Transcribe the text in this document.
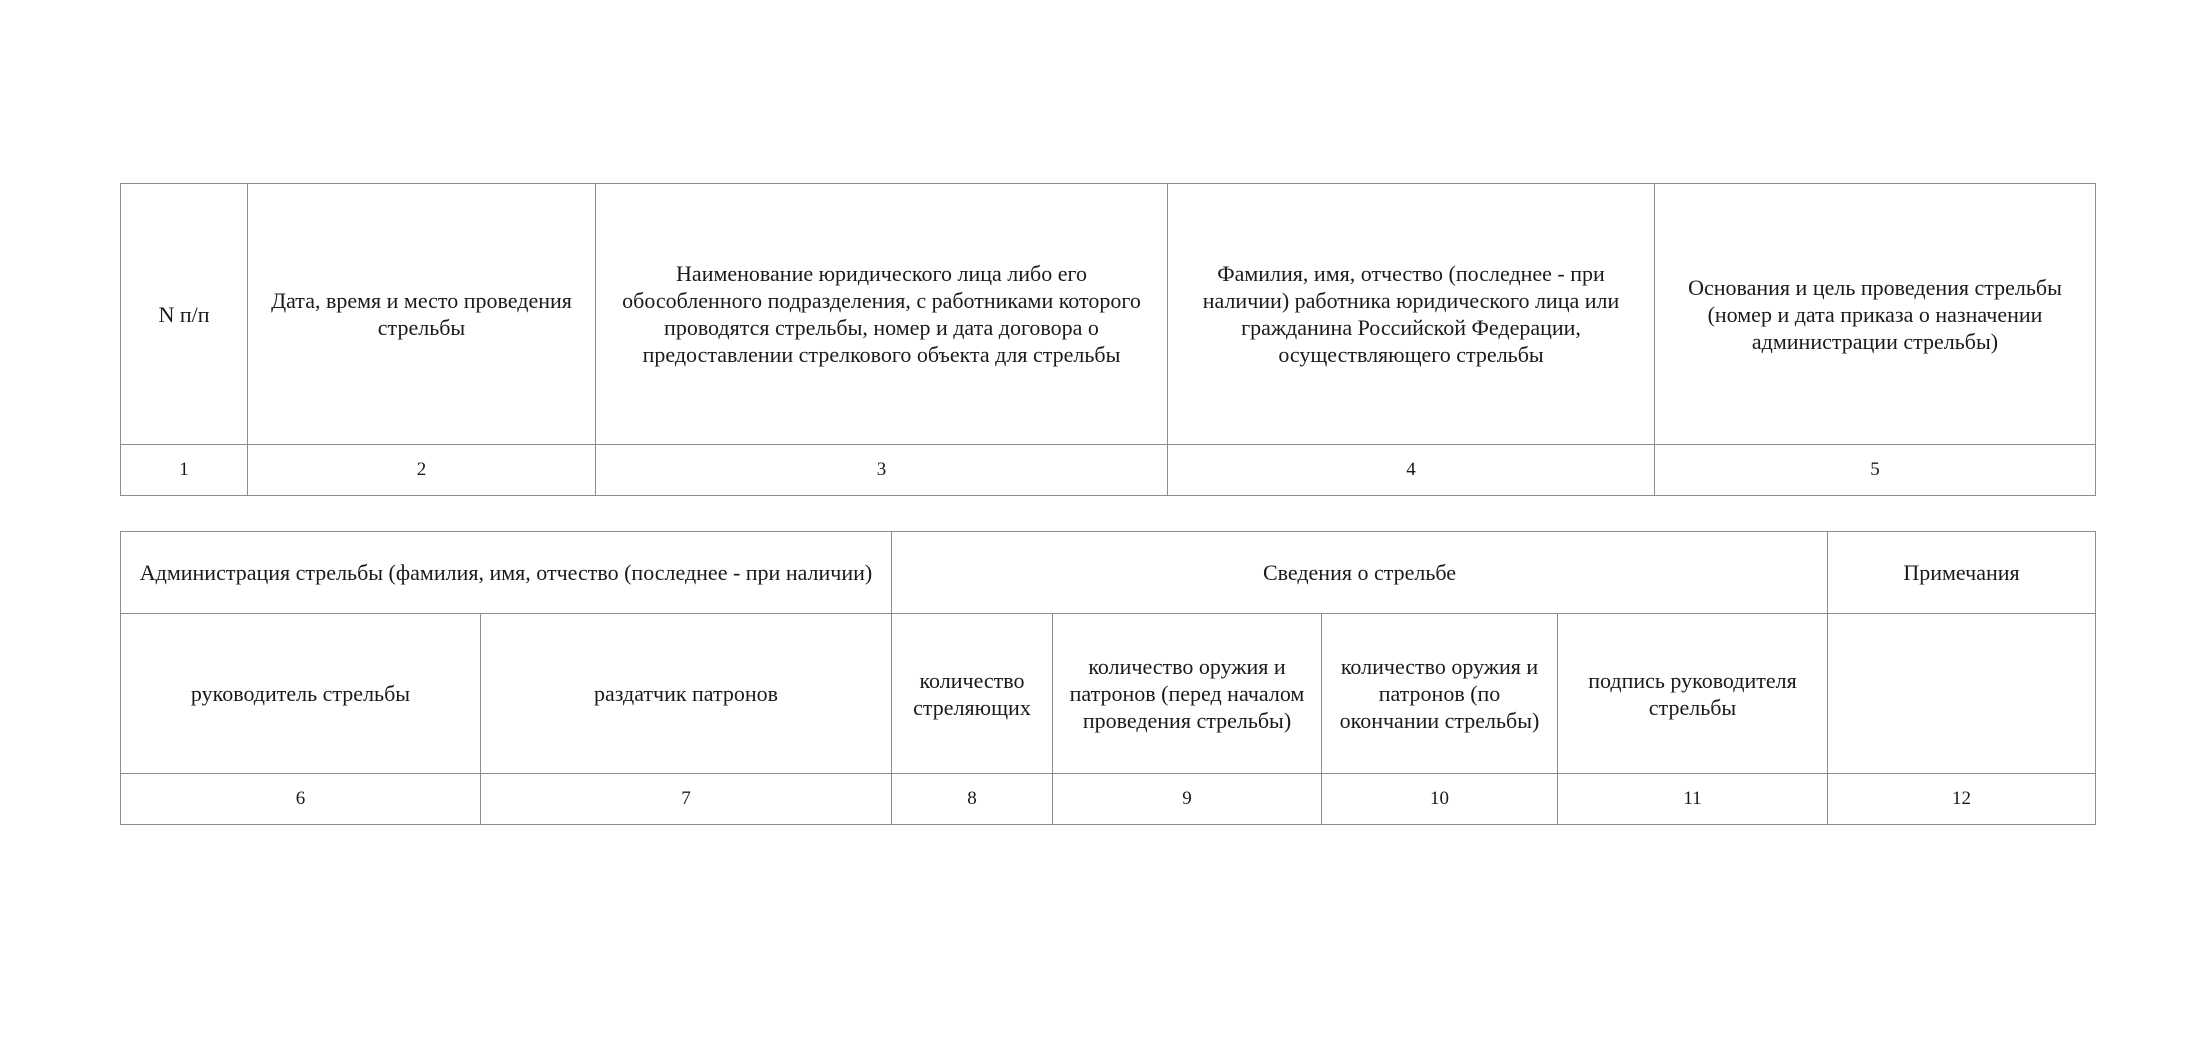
N п/п	Дата, время и место проведения стрельбы	Наименование юридического лица либо его обособленного подразделения, с работниками которого проводятся стрельбы, номер и дата договора о предоставлении стрелкового объекта для стрельбы	Фамилия, имя, отчество (последнее - при наличии) работника юридического лица или гражданина Российской Федерации, осуществляющего стрельбы	Основания и цель проведения стрельбы (номер и дата приказа о назначении администрации стрельбы)
1	2	3	4	5
Администрация стрельбы (фамилия, имя, отчество (последнее - при наличии)		Сведения о стрельбе				Примечания
руководитель стрельбы	раздатчик патронов	количество стреляющих	количество оружия и патронов (перед началом проведения стрельбы)	количество оружия и патронов (по окончании стрельбы)	подпись руководителя стрельбы	
6	7	8	9	10	11	12
